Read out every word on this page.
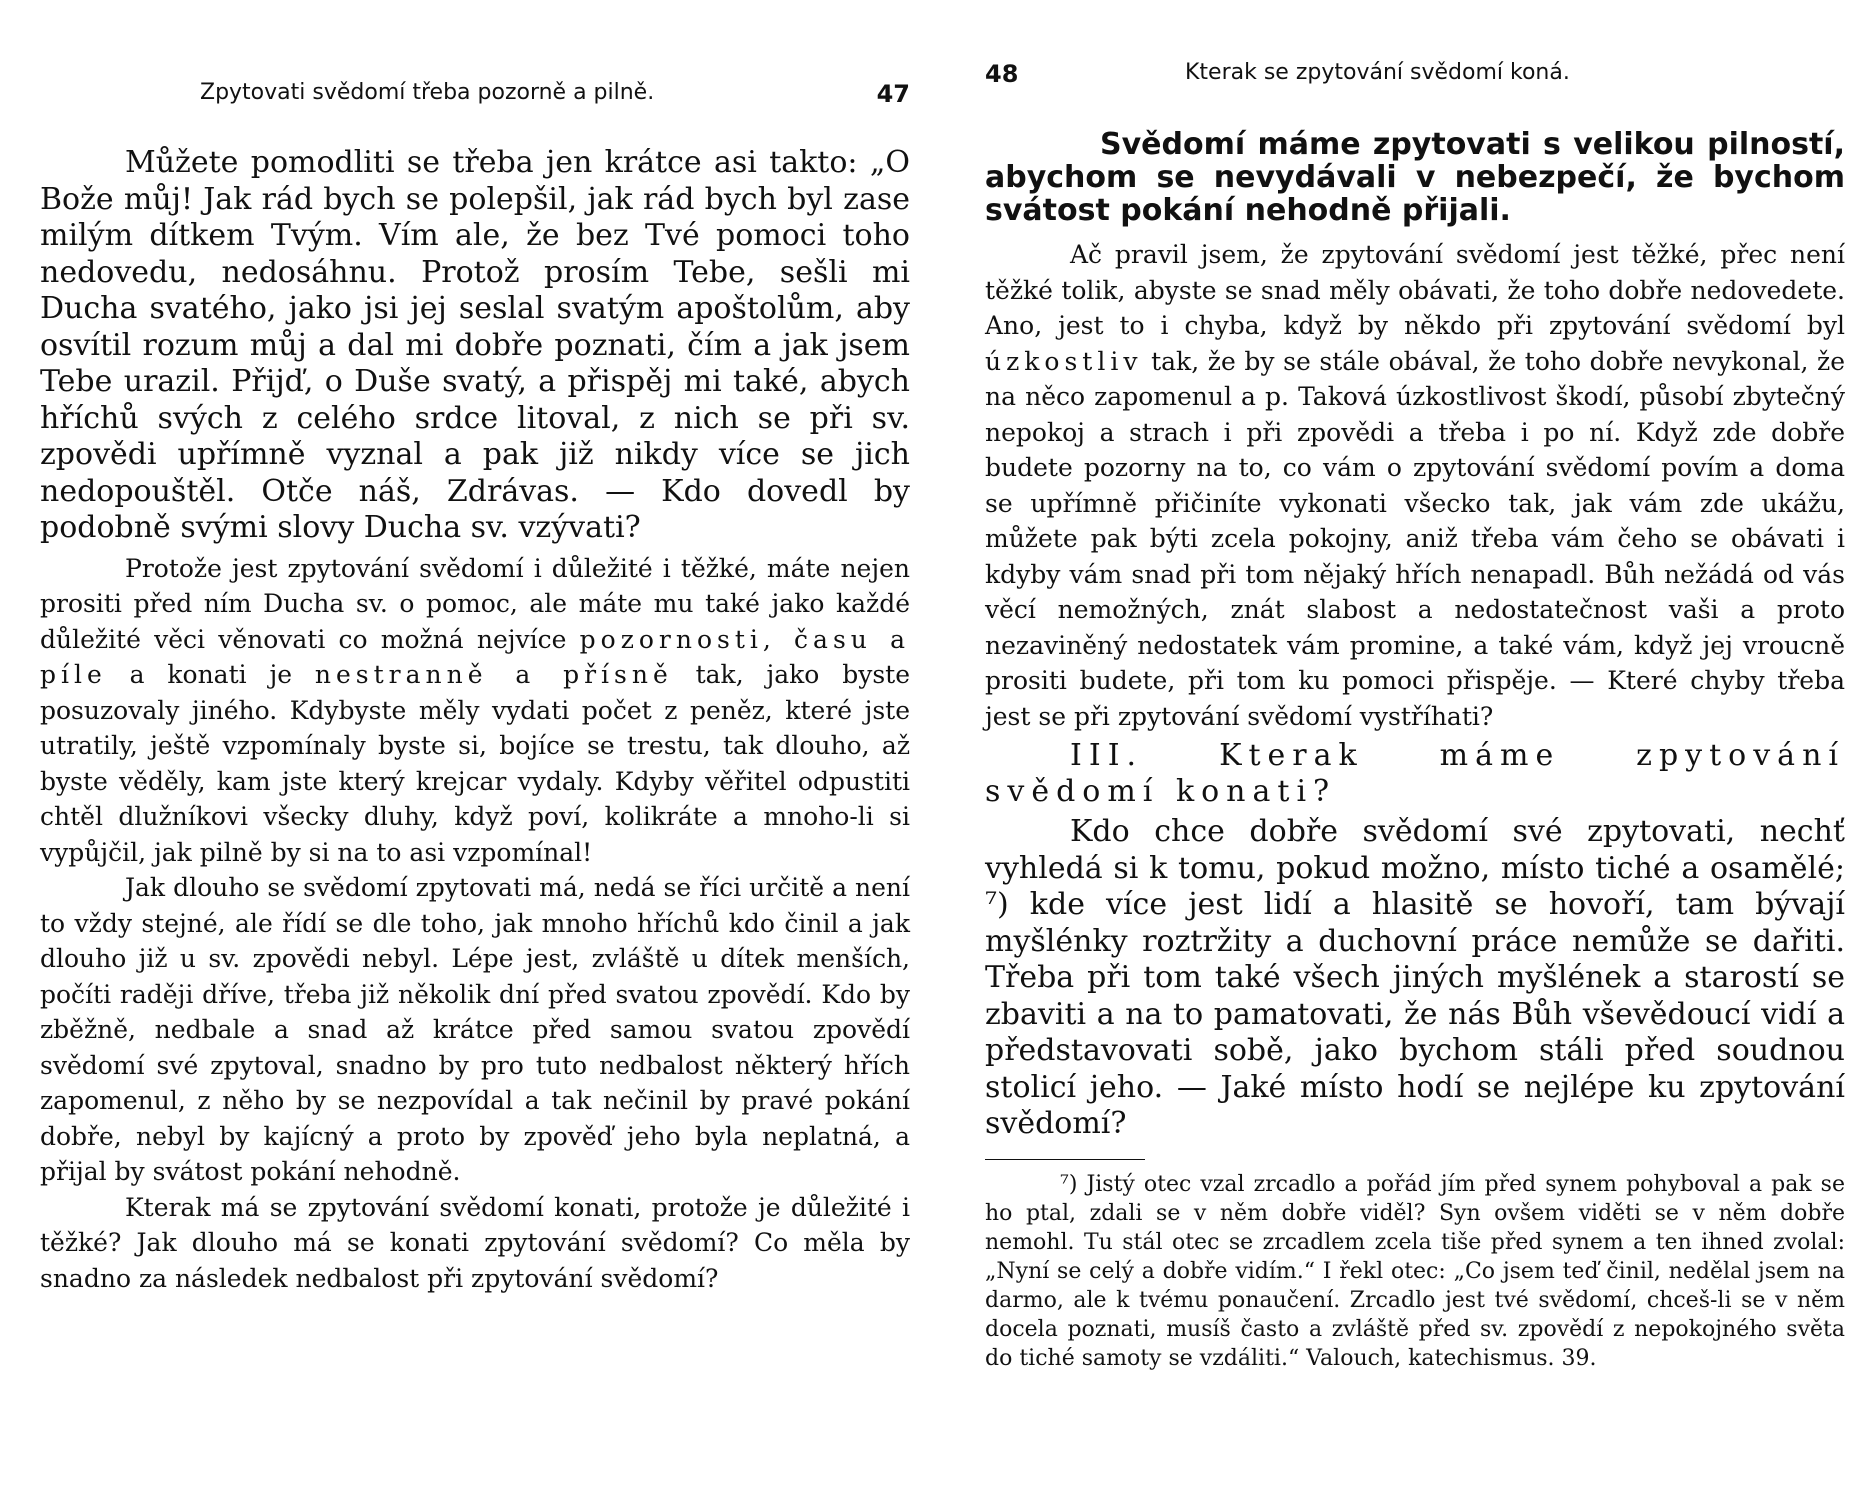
Zpytovati svědomí třeba pozorně a pilně.	47

Můžete pomodliti se třeba jen krátce asi takto: „O Bože můj! Jak rád bych se polepšil, jak rád bych byl zase milým dítkem Tvým. Vím ale, že bez Tvé pomoci toho nedovedu, nedosáhnu. Protož prosím Tebe, sešli mi Ducha svatého, jako jsi jej seslal svatým apoštolům, aby osvítil rozum můj a dal mi dobře poznati, čím a jak jsem Tebe urazil. Přijď, o Duše svatý, a přispěj mi také, abych hříchů svých z celého srdce litoval, z nich se při sv. zpovědi upřímně vyznal a pak již nikdy více se jich nedopouštěl. Otče náš, Zdrávas. — Kdo dovedl by podobně svými slovy Ducha sv. vzývati?

Protože jest zpytování svědomí i důležité i těžké, máte nejen prositi před ním Ducha sv. o pomoc, ale máte mu také jako každé důležité věci věnovati co možná nejvíce pozornosti, času a píle a konati je nestranně a přísně tak, jako byste posuzovaly jiného. Kdybyste měly vydati počet z peněz, které jste utratily, ještě vzpomínaly byste si, bojíce se trestu, tak dlouho, až byste věděly, kam jste který krejcar vydaly. Kdyby věřitel odpustiti chtěl dlužníkovi všecky dluhy, když poví, kolikráte a mnoho-li si vypůjčil, jak pilně by si na to asi vzpomínal!

Jak dlouho se svědomí zpytovati má, nedá se říci určitě a není to vždy stejné, ale řídí se dle toho, jak mnoho hříchů kdo činil a jak dlouho již u sv. zpovědi nebyl. Lépe jest, zvláště u dítek menších, počíti raději dříve, třeba již několik dní před svatou zpovědí. Kdo by zběžně, nedbale a snad až krátce před samou svatou zpovědí svědomí své zpytoval, snadno by pro tuto nedbalost některý hřích zapomenul, z něho by se nezpovídal a tak nečinil by pravé pokání dobře, nebyl by kajícný a proto by zpověď jeho byla neplatná, a přijal by svátost pokání nehodně.

Kterak má se zpytování svědomí konati, protože je důležité i těžké? Jak dlouho má se konati zpytování svědomí? Co měla by snadno za následek nedbalost při zpytování svědomí?

48	Kterak se zpytování svědomí koná.
Svědomí máme zpytovati s velikou pilností, abychom se nevydávali v nebezpečí, že bychom svátost pokání nehodně přijali.

Ač pravil jsem, že zpytování svědomí jest těžké, přec není těžké tolik, abyste se snad měly obávati, že toho dobře nedovedete. Ano, jest to i chyba, když by někdo při zpytování svědomí byl úzkostliv tak, že by se stále obával, že toho dobře nevykonal, že na něco zapomenul a p. Taková úzkostlivost škodí, působí zbytečný nepokoj a strach i při zpovědi a třeba i po ní. Když zde dobře budete pozorny na to, co vám o zpytování svědomí povím a doma se upřímně přičiníte vykonati všecko tak, jak vám zde ukážu, můžete pak býti zcela pokojny, aniž třeba vám čeho se obávati i kdyby vám snad při tom nějaký hřích nenapadl. Bůh nežádá od vás věcí nemožných, znát slabost a nedostatečnost vaši a proto nezaviněný nedostatek vám promine, a také vám, když jej vroucně prositi budete, při tom ku pomoci přispěje. — Které chyby třeba jest se při zpytování svědomí vystříhati?

III.	Kterak máme zpytování svědomí konati?

Kdo chce dobře svědomí své zpytovati, nechť vyhledá si k tomu, pokud možno, místo tiché a osamělé; ⁷) kde více jest lidí a hlasitě se hovoří, tam bývají myšlénky roztržity a duchovní práce nemůže se dařiti. Třeba při tom také všech jiných myšlének a starostí se zbaviti a na to pamatovati, že nás Bůh vševědoucí vidí a představovati sobě, jako bychom stáli před soudnou stolicí jeho. — Jaké místo hodí se nejlépe ku zpytování svědomí?

⁷) Jistý otec vzal zrcadlo a pořád jím před synem pohyboval a pak se ho ptal, zdali se v něm dobře viděl? Syn ovšem viděti se v něm dobře nemohl. Tu stál otec se zrcadlem zcela tiše před synem a ten ihned zvolal: „Nyní se celý a dobře vidím.“ I řekl otec: „Co jsem teď činil, nedělal jsem na darmo, ale k tvému ponaučení. Zrcadlo jest tvé svědomí, chceš-li se v něm docela poznati, musíš často a zvláště před sv. zpovědí z nepokojného světa do tiché samoty se vzdáliti.“ Valouch, katechismus. 39.
